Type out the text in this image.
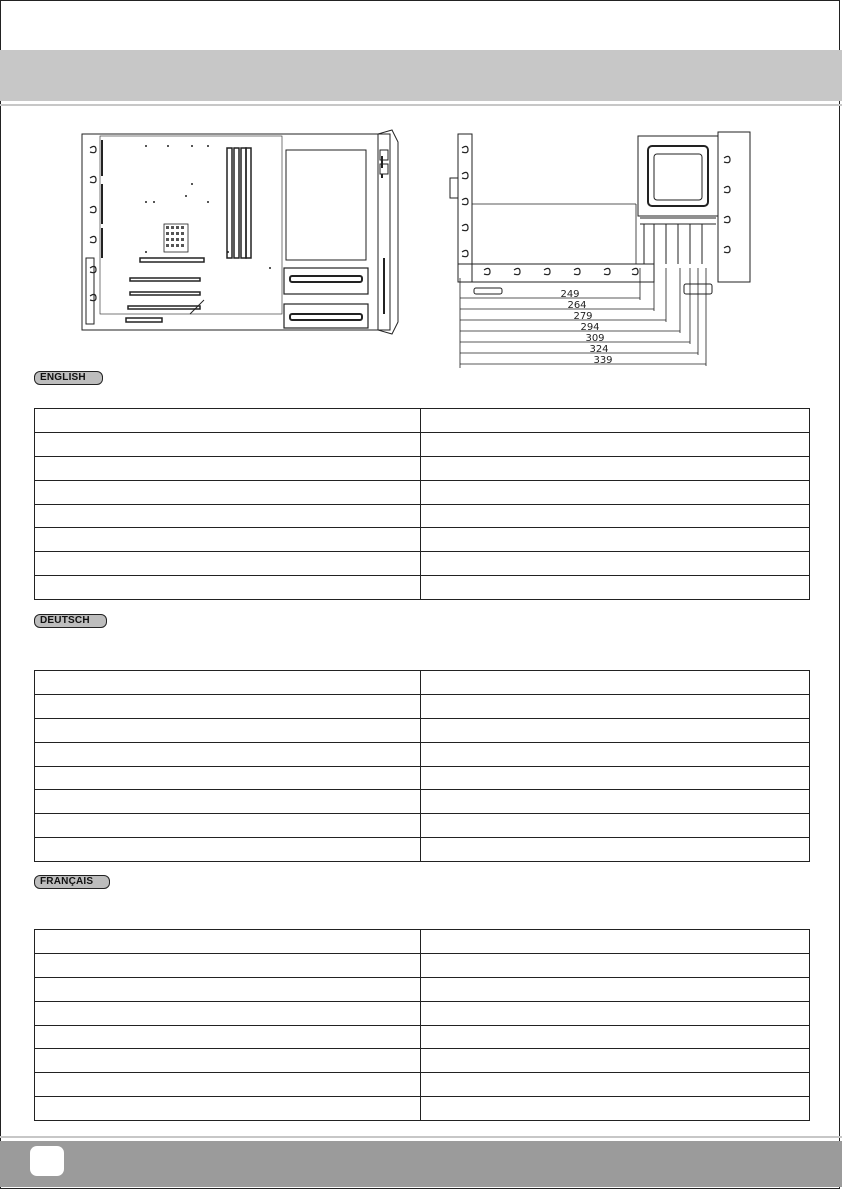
249
264
279
294
309
324
339
ENGLISH

DEUTSCH

FRANÇAIS
